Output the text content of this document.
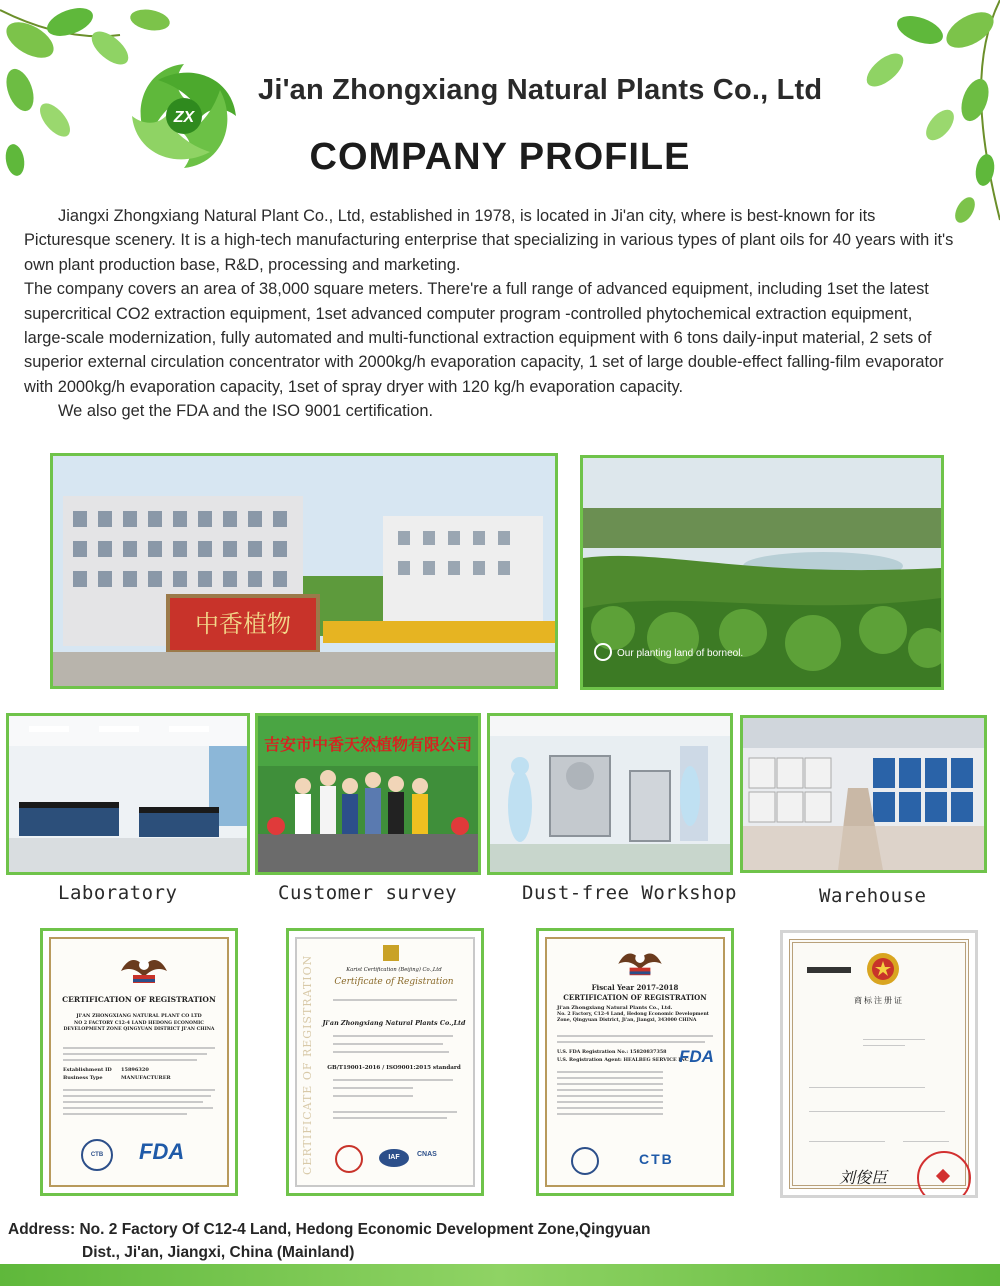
ZX
Ji'an Zhongxiang Natural Plants Co., Ltd
COMPANY PROFILE

Jiangxi Zhongxiang Natural Plant Co., Ltd, established in 1978, is located in Ji'an city, where is best-known for its Picturesque scenery. It is a high-tech manufacturing enterprise that specializing in various types of plant oils for 40 years with it's own plant production base, R&D, processing and marketing.

The company covers an area of 38,000 square meters. There're a full range of advanced equipment, including 1set the latest supercritical CO2 extraction equipment, 1set advanced computer program -controlled phytochemical extraction equipment, large-scale modernization, fully automated and multi-functional extraction equipment with 6 tons daily-input material, 2 sets of superior external circulation concentrator with 2000kg/h evaporation capacity, 1 set of large double-effect falling-film evaporator with 2000kg/h evaporation capacity, 1set of spray dryer with 120 kg/h evaporation capacity.

We also get the FDA and the ISO 9001 certification.

中香植物
Our planting land of borneol.
吉安市中香天然植物有限公司
Laboratory	Customer survey	Dust-free Workshop	Warehouse
CERTIFICATION OF REGISTRATION
JI'AN ZHONGXIANG NATURAL PLANT CO LTD
NO 2 FACTORY C12-4 LAND HEDONG ECONOMIC DEVELOPMENT ZONE QINGYUAN DISTRICT JI'AN CHINA
Establishment ID 15896320
Business Type	MANUFACTURER
CTB	FDA	CERTIFICATE OF REGISTRATION	Karist Certification (Beijing) Co.,Ltd
Certificate of Registration
Ji'an Zhongxiang Natural Plants Co.,Ltd
GB/T19001-2016 / ISO9001:2015 standard
IAF	CNAS
Fiscal Year 2017-2018
CERTIFICATION OF REGISTRATION
Ji'an Zhongxiang Natural Plants Co., Ltd.
No. 2 Factory, C12-4 Land, Hedong Economic Development Zone, Qingyuan District, Ji'an, Jiangxi, 343000 CHINA
U.S. FDA Registration No.: 15820837358
U.S. Registration Agent: HEALBEG SERVICE INC
FDA
CTB
商标注册证
刘俊臣
Address: No. 2 Factory Of C12-4 Land, Hedong Economic Development Zone,Qingyuan
Dist., Ji'an, Jiangxi, China (Mainland)
